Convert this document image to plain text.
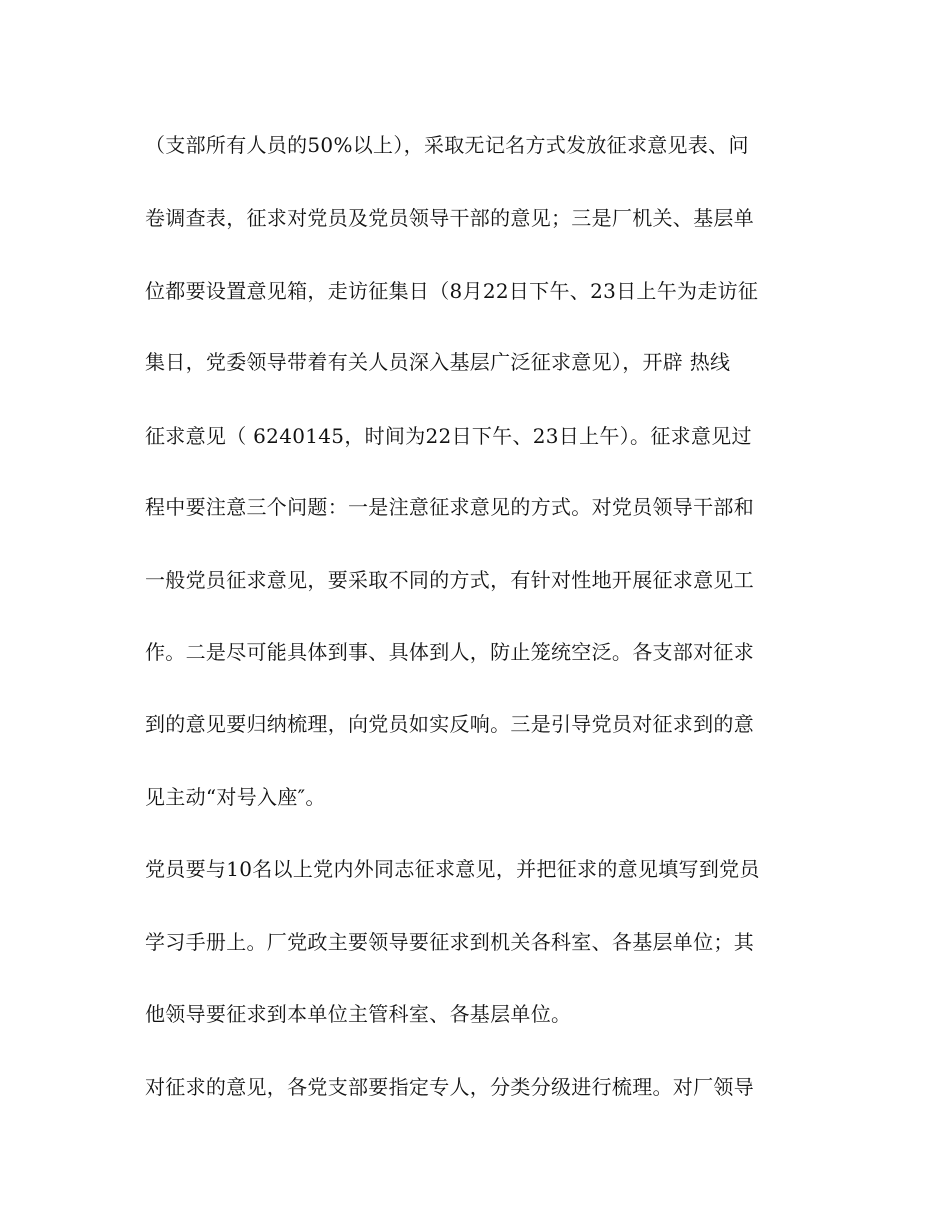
（支部所有人员的50%以上），采取无记名方式发放征求意见表、问
卷调查表，征求对党员及党员领导干部的意见；三是厂机关、基层单
位都要设置意见箱，走访征集日（8月22日下午、23日上午为走访征
集日，党委领导带着有关人员深入基层广泛征求意见），开辟 热线
征求意见（ 6240145，时间为22日下午、23日上午）。征求意见过
程中要注意三个问题：一是注意征求意见的方式。对党员领导干部和
一般党员征求意见，要采取不同的方式，有针对性地开展征求意见工
作。二是尽可能具体到事、具体到人，防止笼统空泛。各支部对征求
到的意见要归纳梳理，向党员如实反响。三是引导党员对征求到的意
见主动“对号入座″。
党员要与10名以上党内外同志征求意见，并把征求的意见填写到党员
学习手册上。厂党政主要领导要征求到机关各科室、各基层单位；其
他领导要征求到本单位主管科室、各基层单位。
对征求的意见，各党支部要指定专人，分类分级进行梳理。对厂领导
